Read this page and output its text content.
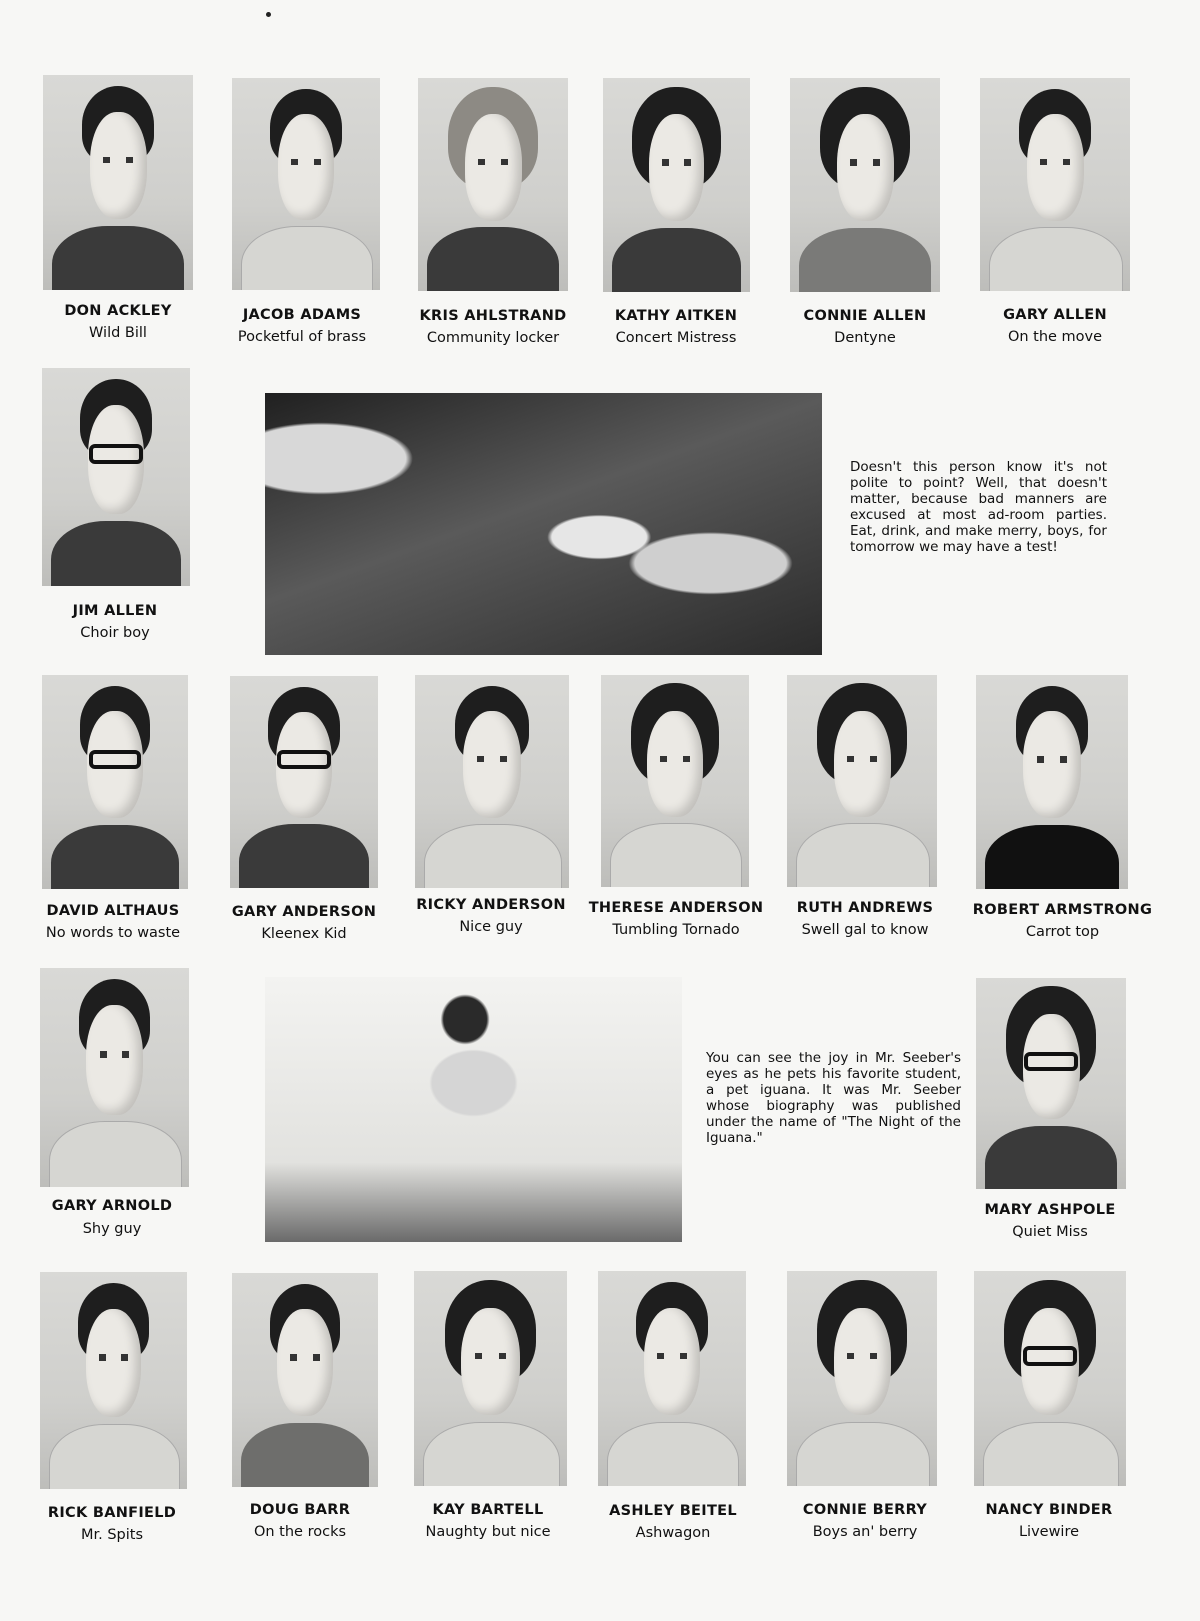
DON ACKLEY
Wild Bill
JACOB ADAMS
Pocketful of brass
KRIS AHLSTRAND
Community locker
KATHY AITKEN
Concert Mistress
CONNIE ALLEN
Dentyne
GARY ALLEN
On the move
JIM ALLEN
Choir boy
Doesn't this person know it's not polite to point? Well, that doesn't matter, because bad manners are excused at most ad-room parties. Eat, drink, and make merry, boys, for tomorrow we may have a test!
DAVID ALTHAUS
No words to waste
GARY ANDERSON
Kleenex Kid
RICKY ANDERSON
Nice guy
THERESE ANDERSON
Tumbling Tornado
RUTH ANDREWS
Swell gal to know
ROBERT ARMSTRONG
Carrot top
GARY ARNOLD
Shy guy
You can see the joy in Mr. Seeber's eyes as he pets his favorite student, a pet iguana. It was Mr. Seeber whose biography was published under the name of "The Night of the Iguana."
MARY ASHPOLE
Quiet Miss
RICK BANFIELD
Mr. Spits
DOUG BARR
On the rocks
KAY BARTELL
Naughty but nice
ASHLEY BEITEL
Ashwagon
CONNIE BERRY
Boys an' berry
NANCY BINDER
Livewire
